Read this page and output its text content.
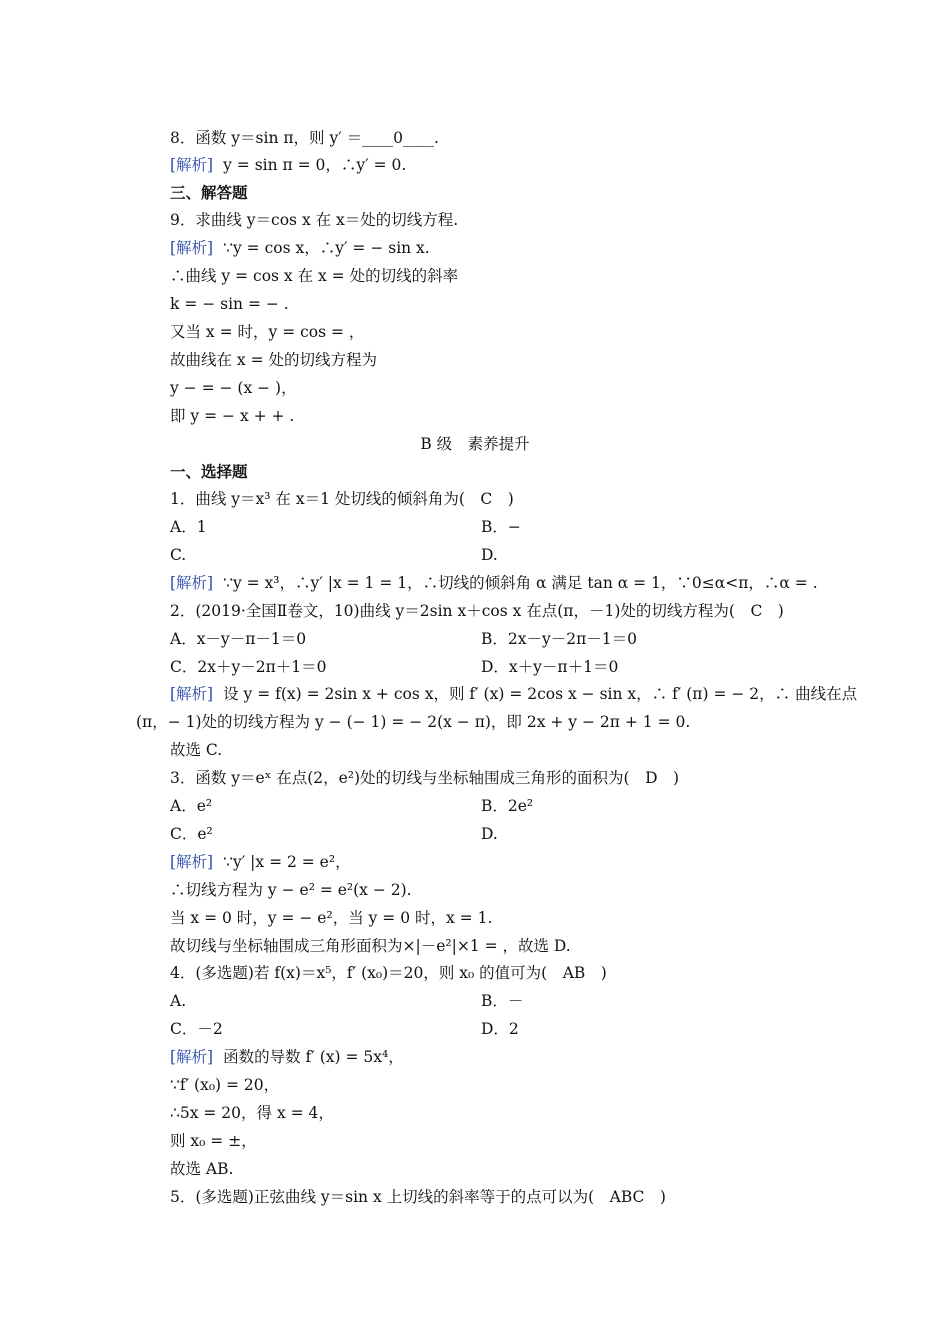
8．函数 y＝sin π，则 y′ ＝____0____.
[解析] y = sin π = 0，∴y′ = 0.
三、解答题
9．求曲线 y＝cos x 在 x＝处的切线方程.
[解析] ∵y = cos x，∴y′ = − sin x.
∴曲线 y = cos x 在 x = 处的切线的斜率
k = − sin = − .
又当 x = 时，y = cos = ，
故曲线在 x = 处的切线方程为
y − = − (x − )，
即 y = − x + + .
B 级　素养提升
一、选择题
1．曲线 y＝x³ 在 x＝1 处切线的倾斜角为(　C　)
A．1	B．−
C.	D.
[解析] ∵y = x³，∴y′ |x = 1 = 1，∴切线的倾斜角 α 满足 tan α = 1，∵0≤α<π，∴α = .
2．(2019·全国Ⅱ卷文，10)曲线 y＝2sin x＋cos x 在点(π，－1)处的切线方程为(　C　)
A．x－y－π－1＝0	B．2x－y－2π－1＝0
C．2x＋y－2π＋1＝0	D．x＋y－π＋1＝0
[解析] 设 y = f(x) = 2sin x + cos x，则 f′ (x) = 2cos x − sin x，∴ f′ (π) = − 2，∴ 曲线在点
(π，− 1)处的切线方程为 y − (− 1) = − 2(x − π)，即 2x + y − 2π + 1 = 0.
故选 C.
3．函数 y＝eˣ 在点(2，e²)处的切线与坐标轴围成三角形的面积为(　D　)
A．e²	B．2e²
C．e²	D.
[解析] ∵y′ |x = 2 = e²，
∴切线方程为 y − e² = e²(x − 2).
当 x = 0 时，y = − e²，当 y = 0 时，x = 1.
故切线与坐标轴围成三角形面积为×|－e²|×1 = ，故选 D.
4．(多选题)若 f(x)＝x⁵，f′ (x₀)＝20，则 x₀ 的值可为(　AB　)
A.	B．－
C．－2	D．2
[解析] 函数的导数 f′ (x) = 5x⁴，
∵f′ (x₀) = 20，
∴5x = 20，得 x = 4，
则 x₀ = ±，
故选 AB.
5．(多选题)正弦曲线 y＝sin x 上切线的斜率等于的点可以为(　ABC　)
